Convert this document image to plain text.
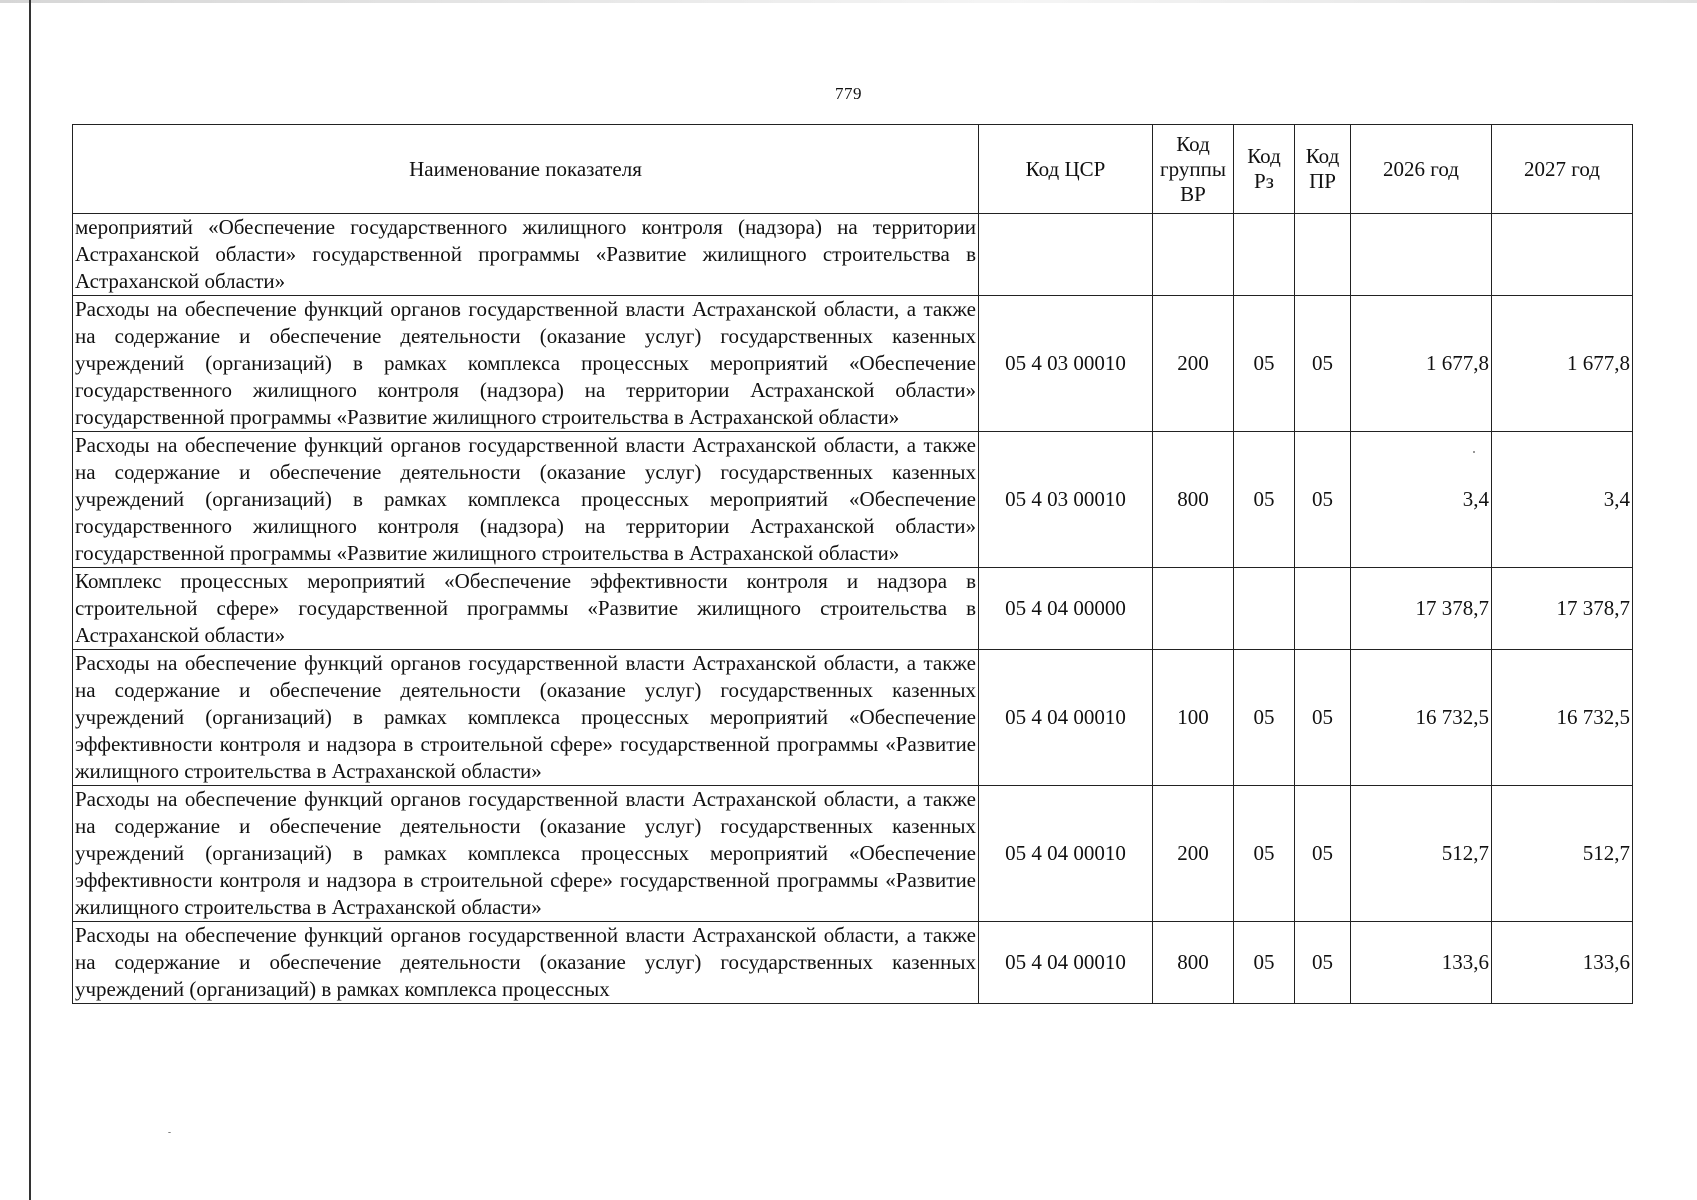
779
Наименование показателя	Код ЦСР	Код группы ВР	Код Рз	Код ПР	2026 год	2027 год
мероприятий «Обеспечение государственного жилищного контроля (надзора) на территории Астраханской области» государственной программы «Развитие жилищного строительства в Астраханской области»						
Расходы на обеспечение функций органов государственной власти Астраханской области, а также на содержание и обеспечение деятельности (оказание услуг) государственных казенных учреждений (организаций) в рамках комплекса процессных мероприятий «Обеспечение государственного жилищного контроля (надзора) на территории Астраханской области» государственной программы «Развитие жилищного строительства в Астраханской области»	05 4 03 00010	200	05	05	1 677,8	1 677,8
Расходы на обеспечение функций органов государственной власти Астраханской области, а также на содержание и обеспечение деятельности (оказание услуг) государственных казенных учреждений (организаций) в рамках комплекса процессных мероприятий «Обеспечение государственного жилищного контроля (надзора) на территории Астраханской области» государственной программы «Развитие жилищного строительства в Астраханской области»	05 4 03 00010	800	05	05	3,4	3,4
Комплекс процессных мероприятий «Обеспечение эффективности контроля и надзора в строительной сфере» государственной программы «Развитие жилищного строительства в Астраханской области»	05 4 04 00000				17 378,7	17 378,7
Расходы на обеспечение функций органов государственной власти Астраханской области, а также на содержание и обеспечение деятельности (оказание услуг) государственных казенных учреждений (организаций) в рамках комплекса процессных мероприятий «Обеспечение эффективности контроля и надзора в строительной сфере» государственной программы «Развитие жилищного строительства в Астраханской области»	05 4 04 00010	100	05	05	16 732,5	16 732,5
Расходы на обеспечение функций органов государственной власти Астраханской области, а также на содержание и обеспечение деятельности (оказание услуг) государственных казенных учреждений (организаций) в рамках комплекса процессных мероприятий «Обеспечение эффективности контроля и надзора в строительной сфере» государственной программы «Развитие жилищного строительства в Астраханской области»	05 4 04 00010	200	05	05	512,7	512,7
Расходы на обеспечение функций органов государственной власти Астраханской области, а также на содержание и обеспечение деятельности (оказание услуг) государственных казенных учреждений (организаций) в рамках комплекса процессных	05 4 04 00010	800	05	05	133,6	133,6
